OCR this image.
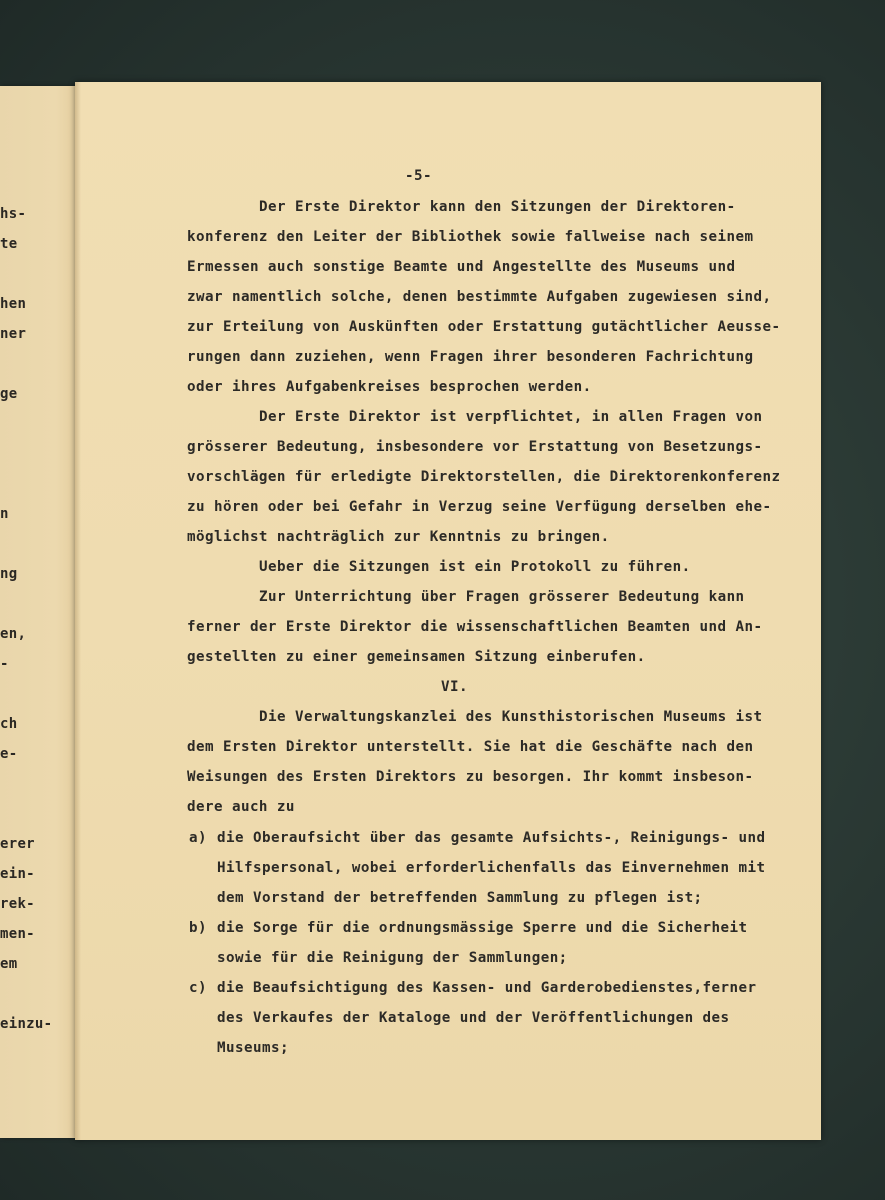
hs-
te
hen
ner
ge
n
ng
en,
-
ch
e-
erer
ein-
rek-
men-
em
einzu-
-5-
Der Erste Direktor kann den Sitzungen der Direktoren-
konferenz den Leiter der Bibliothek sowie fallweise nach seinem
Ermessen auch sonstige Beamte und Angestellte des Museums und
zwar namentlich solche, denen bestimmte Aufgaben zugewiesen sind,
zur Erteilung von Auskünften oder Erstattung gutächtlicher Aeusse-
rungen dann zuziehen, wenn Fragen ihrer besonderen Fachrichtung
oder ihres Aufgabenkreises besprochen werden.
Der Erste Direktor ist verpflichtet, in allen Fragen von
grösserer Bedeutung, insbesondere vor Erstattung von Besetzungs-
vorschlägen für erledigte Direktorstellen, die Direktorenkonferenz
zu hören oder bei Gefahr in Verzug seine Verfügung derselben ehe-
möglichst nachträglich zur Kenntnis zu bringen.
Ueber die Sitzungen ist ein Protokoll zu führen.
Zur Unterrichtung über Fragen grösserer Bedeutung kann
ferner der Erste Direktor die wissenschaftlichen Beamten und An-
gestellten zu einer gemeinsamen Sitzung einberufen.
VI.
Die Verwaltungskanzlei des Kunsthistorischen Museums ist
dem Ersten Direktor unterstellt. Sie hat die Geschäfte nach den
Weisungen des Ersten Direktors zu besorgen. Ihr kommt insbeson-
dere auch zu
a) die Oberaufsicht über das gesamte Aufsichts-, Reinigungs- und
Hilfspersonal, wobei erforderlichenfalls das Einvernehmen mit
dem Vorstand der betreffenden Sammlung zu pflegen ist;
b) die Sorge für die ordnungsmässige Sperre und die Sicherheit
sowie für die Reinigung der Sammlungen;
c) die Beaufsichtigung des Kassen- und Garderobedienstes,ferner
des Verkaufes der Kataloge und der Veröffentlichungen des
Museums;
